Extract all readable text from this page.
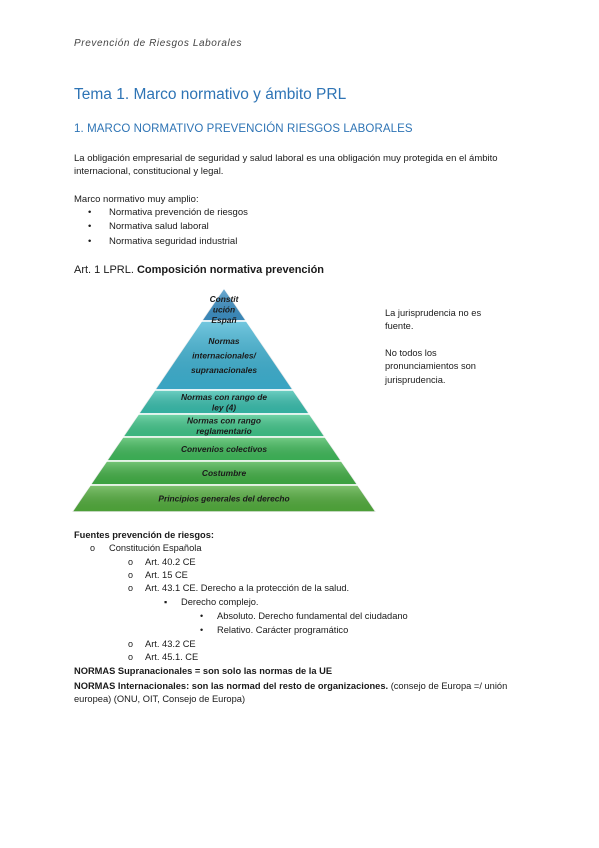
Prevención de Riesgos Laborales
Tema 1. Marco normativo y ámbito PRL
1. MARCO NORMATIVO PREVENCIÓN RIESGOS LABORALES
La obligación empresarial de seguridad y salud laboral es una obligación muy protegida en el ámbito internacional, constitucional y legal.
Marco normativo muy amplio:
• Normativa prevención de riesgos
• Normativa salud laboral
• Normativa seguridad industrial
Art. 1 LPRL. Composición normativa prevención
Constit
ución
Españ
Normas
internacionales/
supranacionales
Normas con rango de
ley (4)
Normas con rango
reglamentario
Convenios colectivos
Costumbre
Principios generales del derecho
La jurisprudencia no es fuente.
No todos los pronunciamientos son jurisprudencia.
Fuentes prevención de riesgos:
o Constitución Española
o Art. 40.2 CE
o Art. 15 CE
o Art. 43.1 CE. Derecho a la protección de la salud.
▪ Derecho complejo.
• Absoluto. Derecho fundamental del ciudadano
• Relativo. Carácter programático
o Art. 43.2 CE
o Art. 45.1. CE
NORMAS Supranacionales = son solo las normas de la UE
NORMAS Internacionales: son las normad del resto de organizaciones. (consejo de Europa =/ unión europea) (ONU, OIT, Consejo de Europa)
